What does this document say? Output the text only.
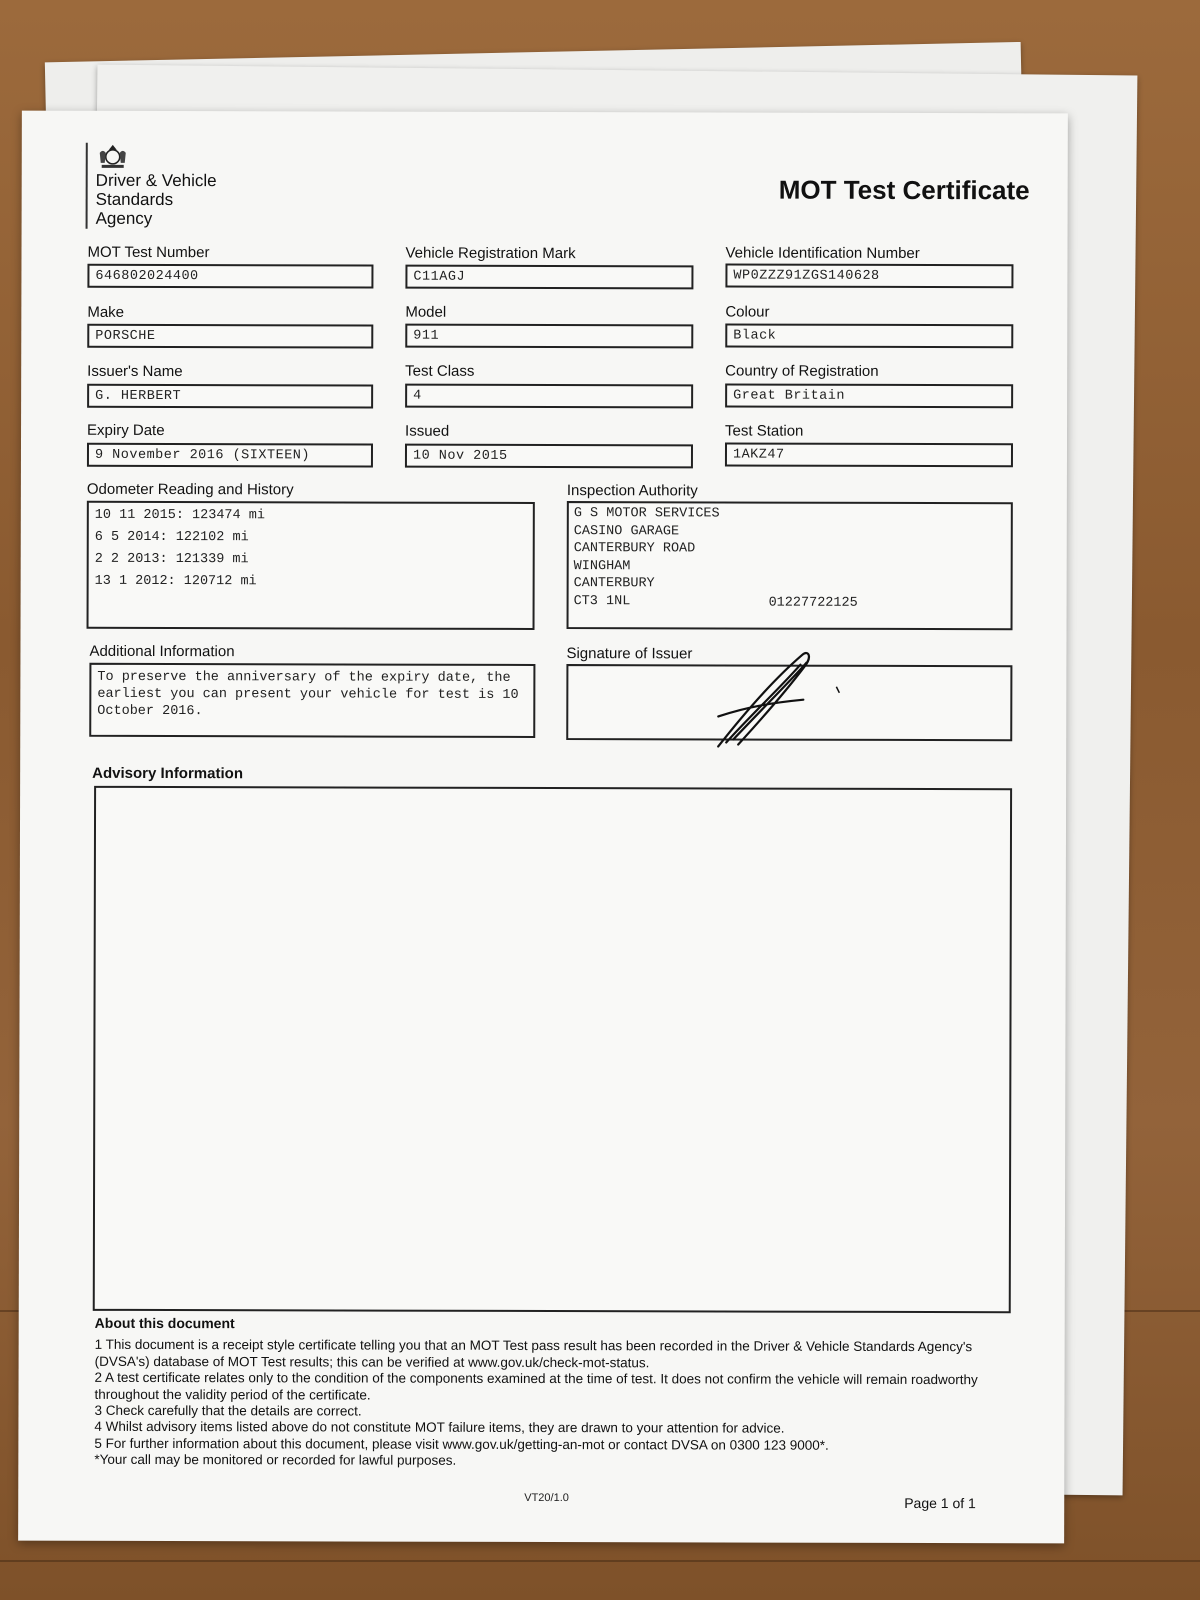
Driver & Vehicle
Standards
Agency
MOT Test Certificate
MOT Test Number
646802024400
Vehicle Registration Mark
C11AGJ
Vehicle Identification Number
WP0ZZZ91ZGS140628
Make
PORSCHE
Model
911
Colour
Black
Issuer's Name
G. HERBERT
Test Class
4
Country of Registration
Great Britain
Expiry Date
9 November 2016 (SIXTEEN)
Issued
10 Nov 2015
Test Station
1AKZ47
Odometer Reading and History
10 11 2015: 123474 mi
6 5 2014: 122102 mi
2 2 2013: 121339 mi
13 1 2012: 120712 mi
Inspection Authority
G S MOTOR SERVICES
CASINO GARAGE
CANTERBURY ROAD
WINGHAM
CANTERBURY
CT3 1NL	01227722125
Additional Information
To preserve the anniversary of the expiry date, the earliest you can present your vehicle for test is 10 October 2016.
Signature of Issuer
Advisory Information
About this document

1 This document is a receipt style certificate telling you that an MOT Test pass result has been recorded in the Driver & Vehicle Standards Agency's (DVSA's) database of MOT Test results; this can be verified at www.gov.uk/check-mot-status.

2 A test certificate relates only to the condition of the components examined at the time of test. It does not confirm the vehicle will remain roadworthy throughout the validity period of the certificate.

3 Check carefully that the details are correct.

4 Whilst advisory items listed above do not constitute MOT failure items, they are drawn to your attention for advice.

5 For further information about this document, please visit www.gov.uk/getting-an-mot or contact DVSA on 0300 123 9000*.

*Your call may be monitored or recorded for lawful purposes.

VT20/1.0	Page 1 of 1
